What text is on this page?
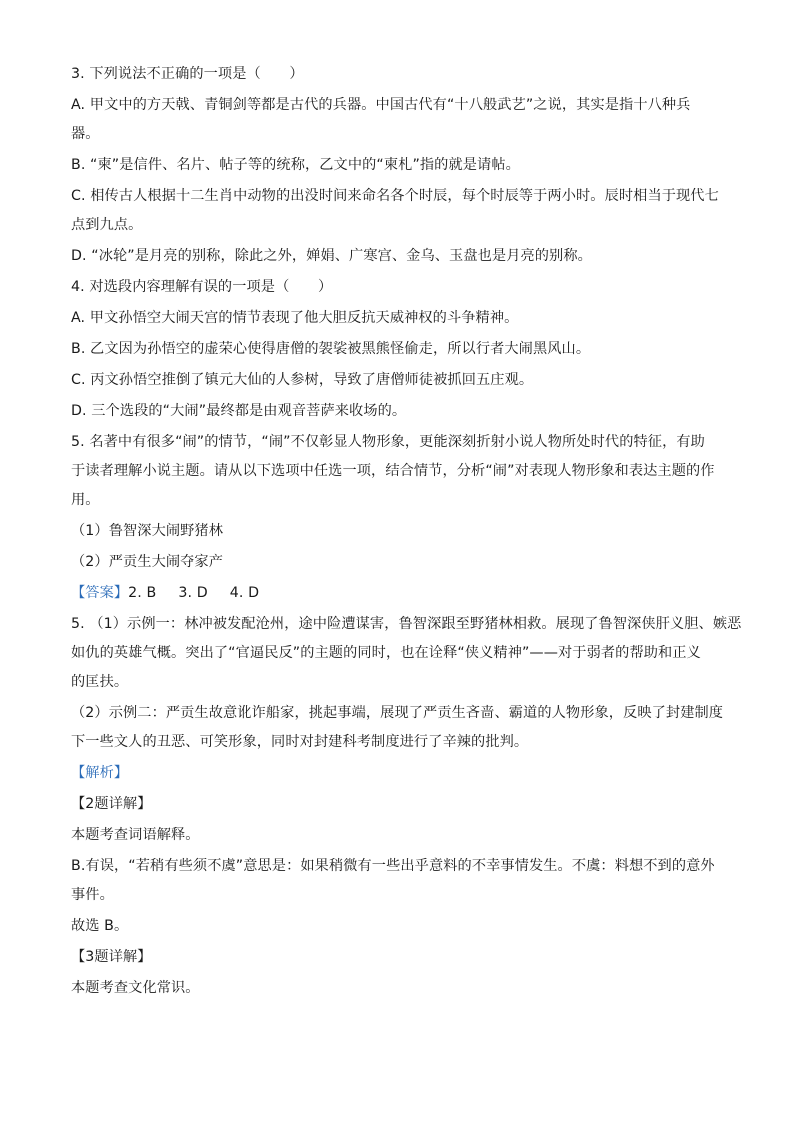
3. 下列说法不正确的一项是（　　）

A. 甲文中的方天戟、青铜剑等都是古代的兵器。中国古代有“十八般武艺”之说，其实是指十八种兵

器。

B. “柬”是信件、名片、帖子等的统称，乙文中的“柬札”指的就是请帖。

C. 相传古人根据十二生肖中动物的出没时间来命名各个时辰，每个时辰等于两小时。辰时相当于现代七

点到九点。

D. “冰轮”是月亮的别称，除此之外，婵娟、广寒宫、金乌、玉盘也是月亮的别称。

4. 对选段内容理解有误的一项是（　　）

A. 甲文孙悟空大闹天宫的情节表现了他大胆反抗天威神权的斗争精神。

B. 乙文因为孙悟空的虚荣心使得唐僧的袈裟被黑熊怪偷走，所以行者大闹黑风山。

C. 丙文孙悟空推倒了镇元大仙的人参树，导致了唐僧师徒被抓回五庄观。

D. 三个选段的“大闹”最终都是由观音菩萨来收场的。

5. 名著中有很多“闹”的情节，“闹”不仅彰显人物形象，更能深刻折射小说人物所处时代的特征，有助

于读者理解小说主题。请从以下选项中任选一项，结合情节，分析“闹”对表现人物形象和表达主题的作

用。

（1）鲁智深大闹野猪林

（2）严贡生大闹夺家产

【答案】2. B 3. D 4. D

5. （1）示例一：林冲被发配沧州，途中险遭谋害，鲁智深跟至野猪林相救。展现了鲁智深侠肝义胆、嫉恶

如仇的英雄气概。突出了“官逼民反”的主题的同时，也在诠释“侠义精神”——对于弱者的帮助和正义

的匡扶。

（2）示例二：严贡生故意讹诈船家，挑起事端，展现了严贡生吝啬、霸道的人物形象，反映了封建制度

下一些文人的丑恶、可笑形象，同时对封建科考制度进行了辛辣的批判。

【解析】

【2题详解】

本题考查词语解释。

B.有误，“若稍有些须不虞”意思是：如果稍微有一些出乎意料的不幸事情发生。不虞：料想不到的意外

事件。

故选 B。

【3题详解】

本题考查文化常识。
